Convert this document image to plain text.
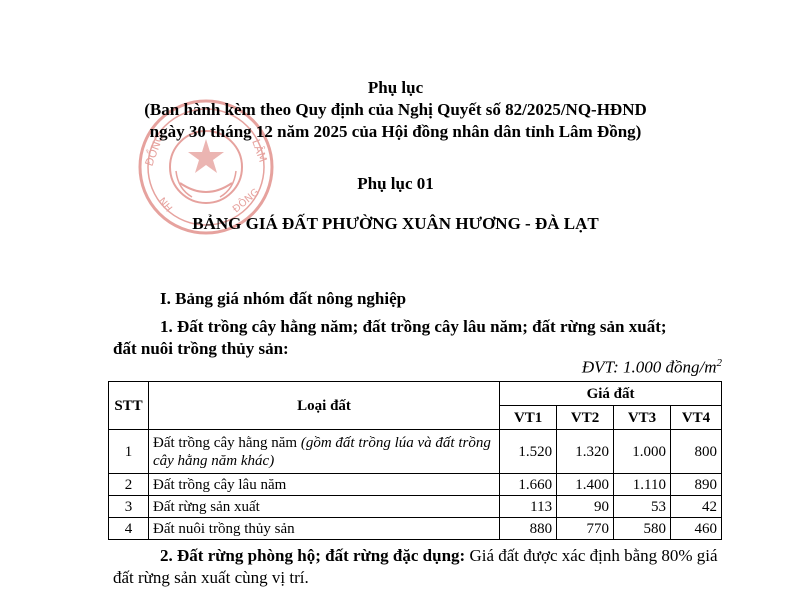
ĐỒNG	LÂM
ĐÔNG
NH
Phụ lục
(Ban hành kèm theo Quy định của Nghị Quyết số 82/2025/NQ-HĐND
ngày 30 tháng 12 năm 2025 của Hội đồng nhân dân tỉnh Lâm Đồng)
Phụ lục 01
BẢNG GIÁ ĐẤT PHƯỜNG XUÂN HƯƠNG - ĐÀ LẠT
I. Bảng giá nhóm đất nông nghiệp
1. Đất trồng cây hằng năm; đất trồng cây lâu năm; đất rừng sản xuất;
đất nuôi trồng thủy sản:
ĐVT: 1.000 đồng/$m^2$
STT	Loại đất	Giá đất			
		VT1	VT2	VT3	VT4
1	Đất trồng cây hằng năm (gồm đất trồng lúa và đất trồng cây hằng năm khác)	1.520	1.320	1.000	800
2	Đất trồng cây lâu năm	1.660	1.400	1.110	890
3	Đất rừng sản xuất	113	90	53	42
4	Đất nuôi trồng thủy sản	880	770	580	460
2. Đất rừng phòng hộ; đất rừng đặc dụng: Giá đất được xác định bằng 80% giá đất rừng sản xuất cùng vị trí.
